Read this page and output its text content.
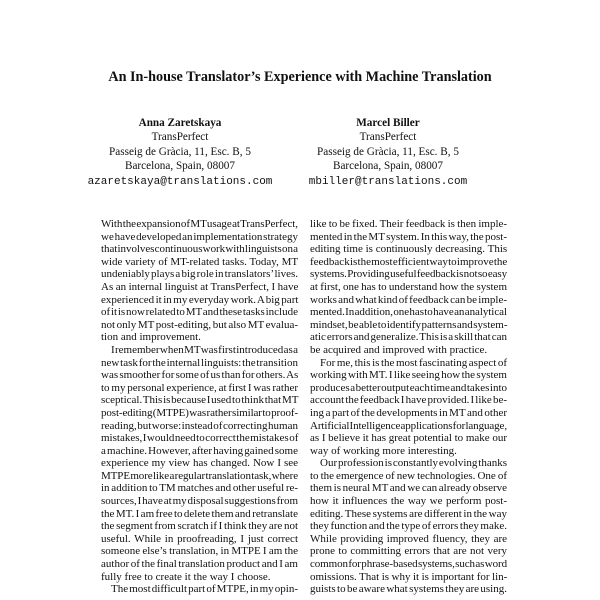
An In-house Translator’s Experience with Machine Translation
Anna Zaretskaya
TransPerfect
Passeig de Gràcia, 11, Esc. B, 5
Barcelona, Spain, 08007
azaretskaya@translations.com
Marcel Biller
TransPerfect
Passeig de Gràcia, 11, Esc. B, 5
Barcelona, Spain, 08007
mbiller@translations.com
With the expansion of MT usage at TransPerfect,
we have developed an implementation strategy
that involves continuous work with linguists on a
wide variety of MT-related tasks. Today, MT
undeniably plays a big role in translators’ lives.
As an internal linguist at TransPerfect, I have
experienced it in my everyday work. A big part
of it is now related to MT and these tasks include
not only MT post-editing, but also MT evalua-
tion and improvement.
I remember when MT was first introduced as a
new task for the internal linguists: the transition
was smoother for some of us than for others. As
to my personal experience, at first I was rather
sceptical. This is because I used to think that MT
post-editing (MTPE) was rather similar to proof-
reading, but worse: instead of correcting human
mistakes, I would need to correct the mistakes of
a machine. However, after having gained some
experience my view has changed. Now I see
MTPE more like a regular translation task, where
in addition to TM matches and other useful re-
sources, I have at my disposal suggestions from
the MT. I am free to delete them and retranslate
the segment from scratch if I think they are not
useful. While in proofreading, I just correct
someone else’s translation, in MTPE I am the
author of the final translation product and I am
fully free to create it the way I choose.
The most difficult part of MTPE, in my opin-
like to be fixed. Their feedback is then imple-
mented in the MT system. In this way, the post-
editing time is continuously decreasing. This
feedback is the most efficient way to improve the
systems. Providing useful feedback is not so easy
at first, one has to understand how the system
works and what kind of feedback can be imple-
mented. In addition, one has to have an analytical
mindset, be able to identify patterns and system-
atic errors and generalize. This is a skill that can
be acquired and improved with practice.
For me, this is the most fascinating aspect of
working with MT. I like seeing how the system
produces a better output each time and takes into
account the feedback I have provided. I like be-
ing a part of the developments in MT and other
Artificial Intelligence applications for language,
as I believe it has great potential to make our
way of working more interesting.
Our profession is constantly evolving thanks
to the emergence of new technologies. One of
them is neural MT and we can already observe
how it influences the way we perform post-
editing. These systems are different in the way
they function and the type of errors they make.
While providing improved fluency, they are
prone to committing errors that are not very
common for phrase-based systems, such as word
omissions. That is why it is important for lin-
guists to be aware what systems they are using.
